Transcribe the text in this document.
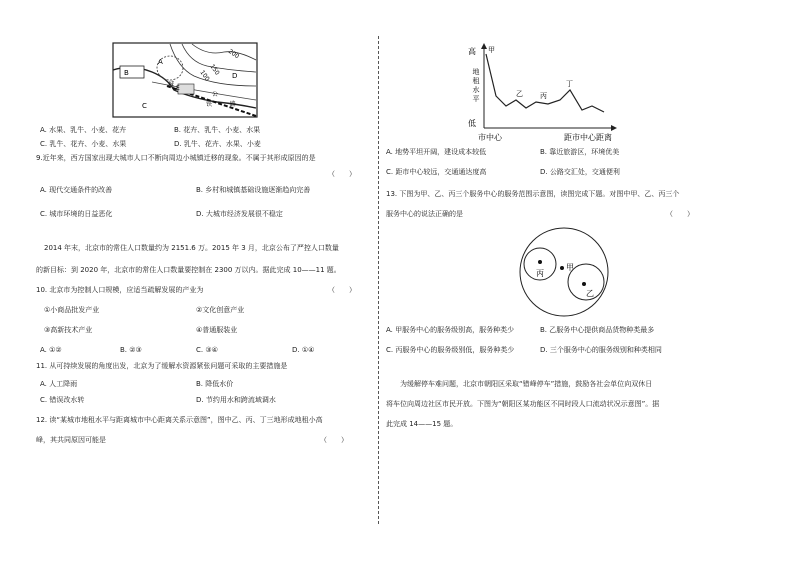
A
B
C
D
E
城
铁
公
路
200
150
100
A. 水果、乳牛、小麦、花卉	B. 花卉、乳牛、小麦、水果
C. 乳牛、花卉、小麦、水果	D. 乳牛、花卉、水果、小麦
9.近年来，西方国家出现大城市人口不断向周边小城镇迁移的现象。不属于其形成原因的是
（　　）
A. 现代交通条件的改善	B. 乡村和城镇基础设施逐渐趋向完善
C. 城市环境的日益恶化	D. 大城市经济发展很不稳定
2014 年末，北京市的常住人口数量约为 2151.6 万。2015 年 3 月，北京公布了严控人口数量
的新目标：到 2020 年，北京市的常住人口数量要控制在 2300 万以内。据此完成 10——11 题。
10. 北京市为控制人口规模，应适当疏解发展的产业为	（　　）
①小商品批发产业	②文化创意产业
③高新技术产业	④普通服装业
A. ①②	B. ②③	C. ③④	D. ①④
11. 从可持续发展的角度出发，北京为了缓解水资源紧张问题可采取的主要措施是
A. 人工降雨	B. 降低水价
C. 错误改水转	D. 节约用水和跨流域调水
12. 读“某城市地租水平与距离城市中心距离关系示意图”，图中乙、丙、丁三地形成地租小高
峰，其共同原因可能是	（　　）
高
地租水平
低
甲
乙 丙
丁
市中心	距市中心距离
A. 地势平坦开阔，建设成本较低	B. 靠近旅游区，环境优美
C. 距市中心较远，交通通达度高	D. 公路交汇处，交通便利
13. 下图为甲、乙、丙三个服务中心的服务范围示意图，读图完成下题。对图中甲、乙、丙三个
服务中心的说法正确的是	（　　）
甲
丙
乙
A. 甲服务中心的服务级别高，服务种类少	B. 乙服务中心提供商品货物种类最多
C. 丙服务中心的服务级别低，服务种类少	D. 三个服务中心的服务级别和种类相同
为缓解停车难问题，北京市朝阳区采取“错峰停车”措施，鼓励各社会单位向双休日
将车位向周边社区市民开放。下图为“朝阳区某功能区不同时段人口流动状况示意图”。据
此完成 14——15 题。
